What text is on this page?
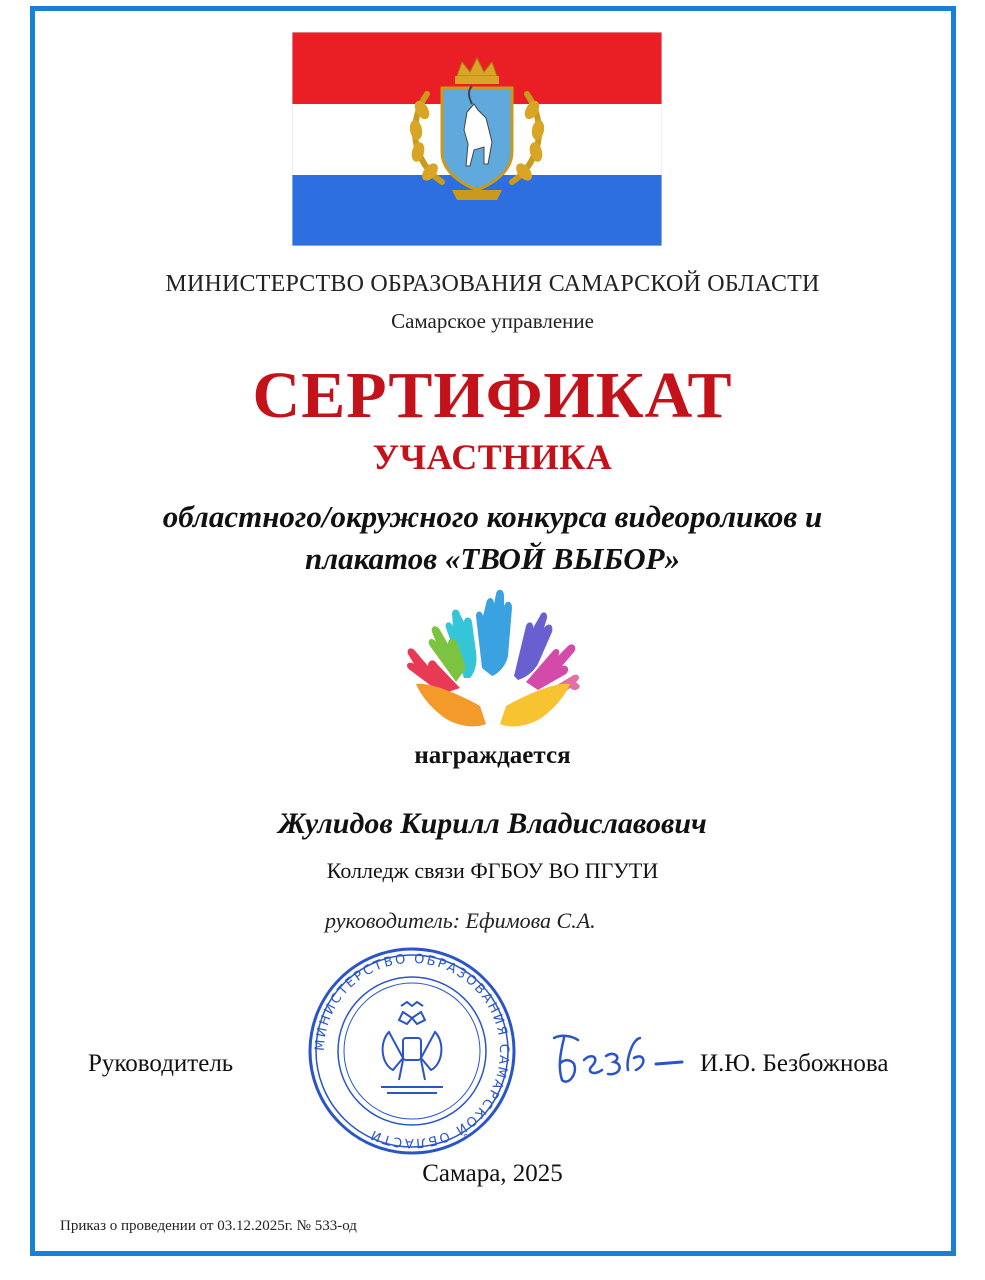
МИНИСТЕРСТВО ОБРАЗОВАНИЯ САМАРСКОЙ ОБЛАСТИ
Самарское управление
СЕРТИФИКАТ
УЧАСТНИКА
областного/окружного конкурса видеороликов и
плакатов «ТВОЙ ВЫБОР»
награждается
Жулидов Кирилл Владиславович
Колледж связи ФГБОУ ВО ПГУТИ
руководитель: Ефимова С.А.
МИНИСТЕРСТВО ОБРАЗОВАНИЯ САМАРСКОЙ ОБЛАСТИ
Руководитель	И.Ю. Безбожнова
Самара, 2025
Приказ о проведении от 03.12.2025г. № 533-од
